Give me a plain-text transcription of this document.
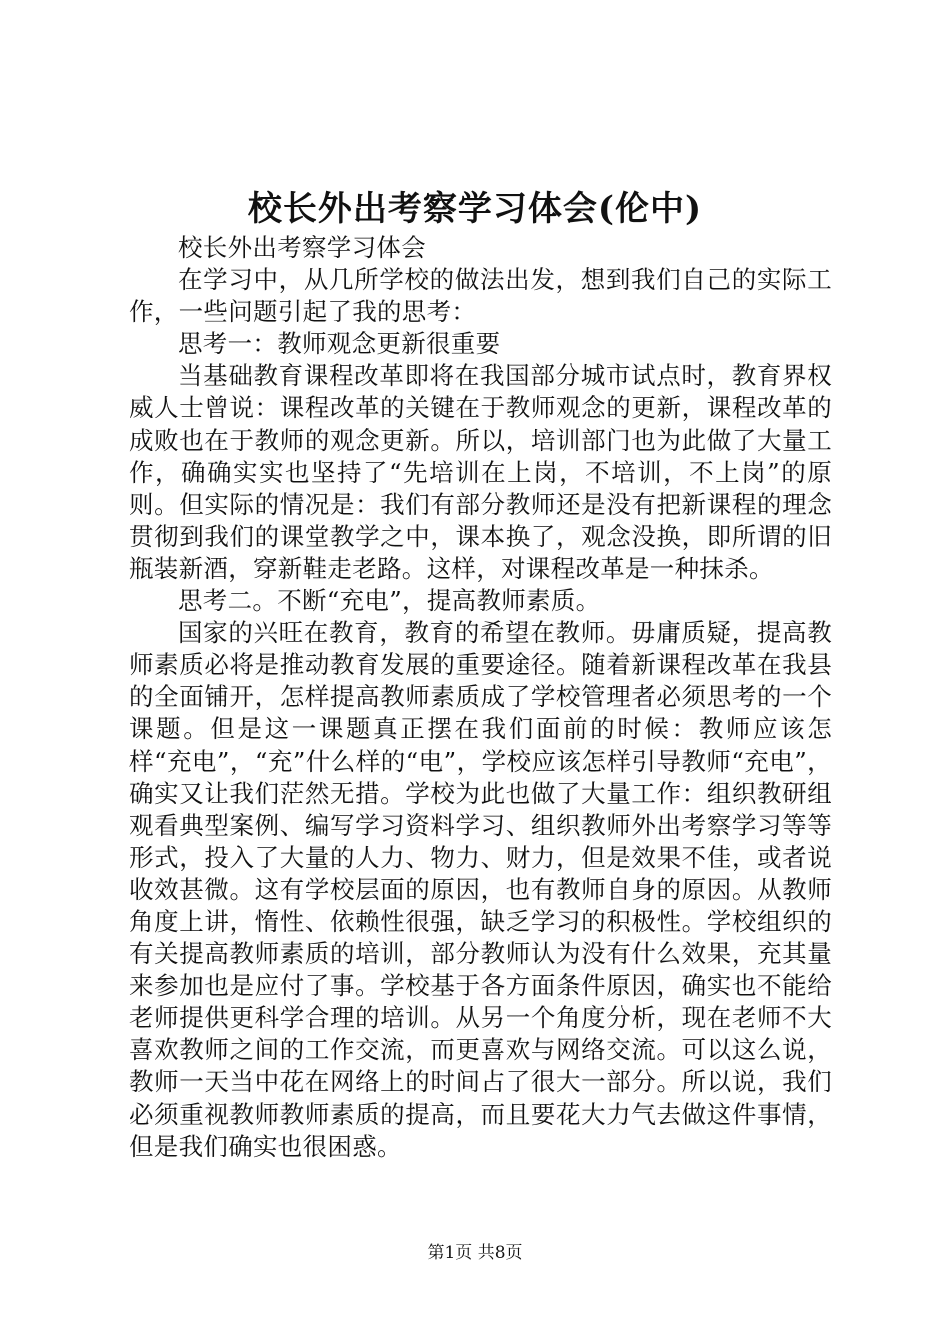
校长外出考察学习体会(伦中)

校长外出考察学习体会

在学习中，从几所学校的做法出发，想到我们自己的实际工作，一些问题引起了我的思考：

思考一：教师观念更新很重要

当基础教育课程改革即将在我国部分城市试点时，教育界权威人士曾说：课程改革的关键在于教师观念的更新，课程改革的成败也在于教师的观念更新。所以，培训部门也为此做了大量工作，确确实实也坚持了“先培训在上岗，不培训，不上岗”的原则。但实际的情况是：我们有部分教师还是没有把新课程的理念贯彻到我们的课堂教学之中，课本换了，观念没换，即所谓的旧瓶装新酒，穿新鞋走老路。这样，对课程改革是一种抹杀。

思考二。不断“充电”，提高教师素质。

国家的兴旺在教育，教育的希望在教师。毋庸质疑，提高教师素质必将是推动教育发展的重要途径。随着新课程改革在我县的全面铺开，怎样提高教师素质成了学校管理者必须思考的一个课题。但是这一课题真正摆在我们面前的时候：教师应该怎样“充电”，“充”什么样的“电”，学校应该怎样引导教师“充电”，确实又让我们茫然无措。学校为此也做了大量工作：组织教研组观看典型案例、编写学习资料学习、组织教师外出考察学习等等形式，投入了大量的人力、物力、财力，但是效果不佳，或者说收效甚微。这有学校层面的原因，也有教师自身的原因。从教师角度上讲，惰性、依赖性很强，缺乏学习的积极性。学校组织的有关提高教师素质的培训，部分教师认为没有什么效果，充其量来参加也是应付了事。学校基于各方面条件原因，确实也不能给老师提供更科学合理的培训。从另一个角度分析，现在老师不大喜欢教师之间的工作交流，而更喜欢与网络交流。可以这么说，教师一天当中花在网络上的时间占了很大一部分。所以说，我们必须重视教师教师素质的提高，而且要花大力气去做这件事情，但是我们确实也很困惑。

第1页 共8页
